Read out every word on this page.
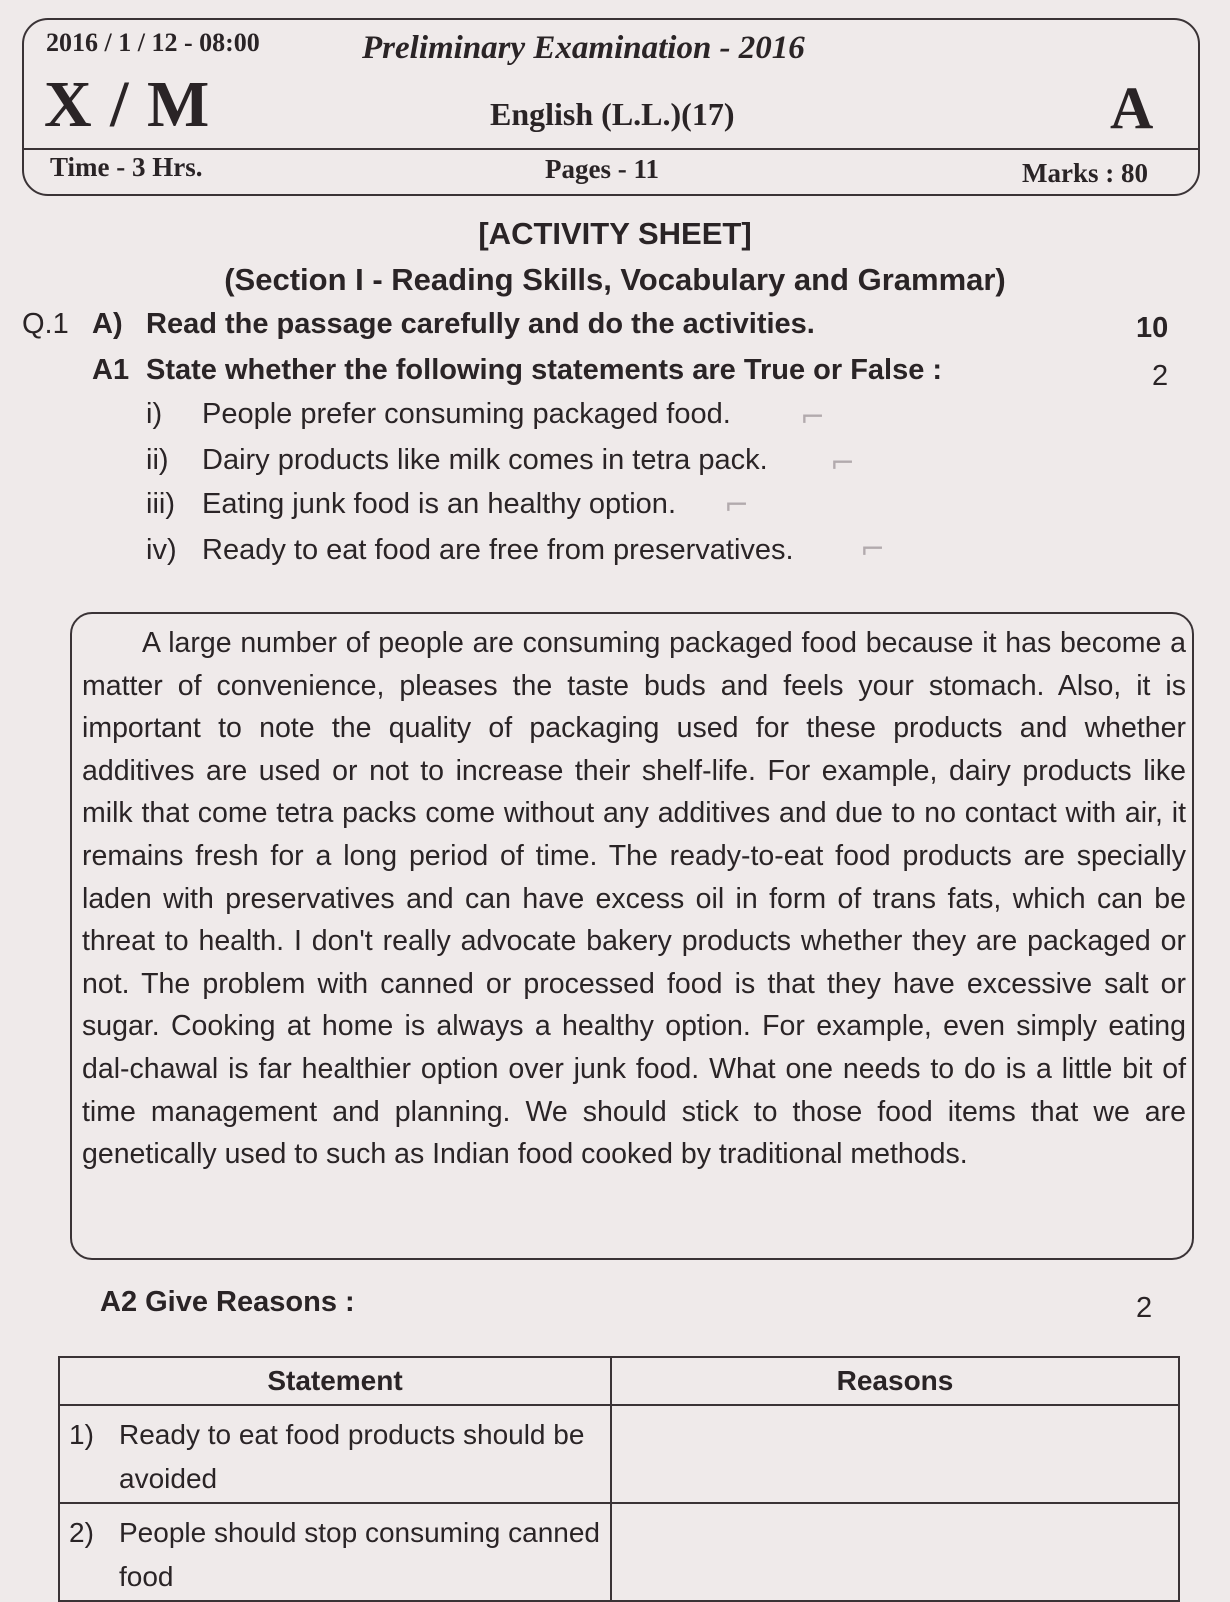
2016 / 1 / 12 - 08:00	Preliminary Examination - 2016
X / M	English (L.L.)(17)	A
Time - 3 Hrs.	Pages - 11	Marks : 80
[ACTIVITY SHEET]
(Section I - Reading Skills, Vocabulary and Grammar)
Q.1 A) Read the passage carefully and do the activities.	10
A1 State whether the following statements are True or False :	2
i) People prefer consuming packaged food.
ii) Dairy products like milk comes in tetra pack.
iii) Eating junk food is an healthy option.
iv) Ready to eat food are free from preservatives.
⌐
⌐
⌐
⌐
A large number of people are consuming packaged food because it has become a matter of convenience, pleases the taste buds and feels your stomach. Also, it is important to note the quality of packaging used for these products and whether additives are used or not to increase their shelf-life. For example, dairy products like milk that come tetra packs come without any additives and due to no contact with air, it remains fresh for a long period of time. The ready-to-eat food products are specially laden with preservatives and can have excess oil in form of trans fats, which can be threat to health. I don't really advocate bakery products whether they are packaged or not. The problem with canned or processed food is that they have excessive salt or sugar. Cooking at home is always a healthy option. For example, even simply eating dal-chawal is far healthier option over junk food. What one needs to do is a little bit of time management and planning. We should stick to those food items that we are genetically used to such as Indian food cooked by traditional methods.
A2 Give Reasons :	2
Statement	Reasons

1) Ready to eat food products should be avoided	

2) People should stop consuming canned food	
